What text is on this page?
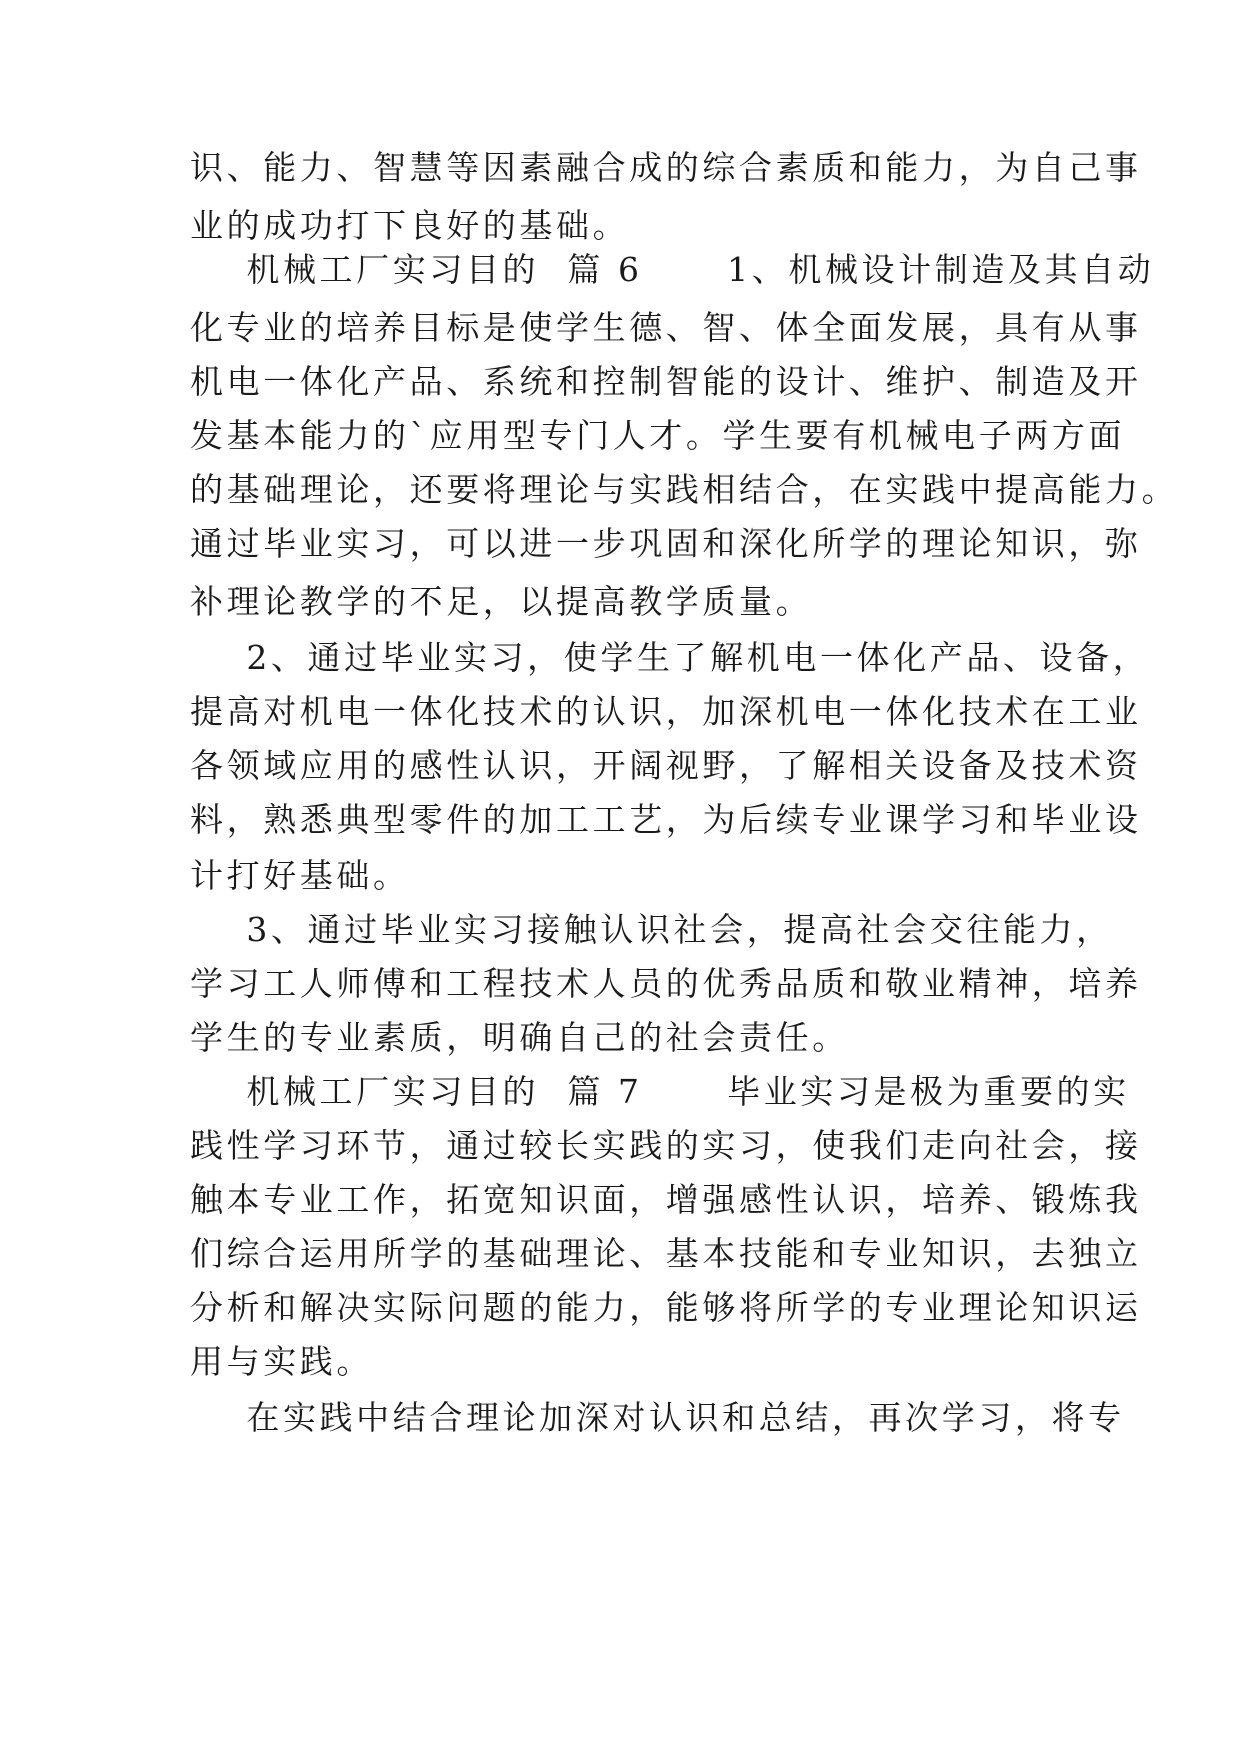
识、能力、智慧等因素融合成的综合素质和能力，为自己事
业的成功打下良好的基础。
机械工厂实习目的  篇 6      1、机械设计制造及其自动
化专业的培养目标是使学生德、智、体全面发展，具有从事
机电一体化产品、系统和控制智能的设计、维护、制造及开
发基本能力的`应用型专门人才。学生要有机械电子两方面
的基础理论，还要将理论与实践相结合，在实践中提高能力。
通过毕业实习，可以进一步巩固和深化所学的理论知识，弥
补理论教学的不足，以提高教学质量。
2、通过毕业实习，使学生了解机电一体化产品、设备，
提高对机电一体化技术的认识，加深机电一体化技术在工业
各领域应用的感性认识，开阔视野，了解相关设备及技术资
料，熟悉典型零件的加工工艺，为后续专业课学习和毕业设
计打好基础。
3、通过毕业实习接触认识社会，提高社会交往能力，
学习工人师傅和工程技术人员的优秀品质和敬业精神，培养
学生的专业素质，明确自己的社会责任。
机械工厂实习目的  篇 7      毕业实习是极为重要的实
践性学习环节，通过较长实践的实习，使我们走向社会，接
触本专业工作，拓宽知识面，增强感性认识，培养、锻炼我
们综合运用所学的基础理论、基本技能和专业知识，去独立
分析和解决实际问题的能力，能够将所学的专业理论知识运
用与实践。
在实践中结合理论加深对认识和总结，再次学习，将专
